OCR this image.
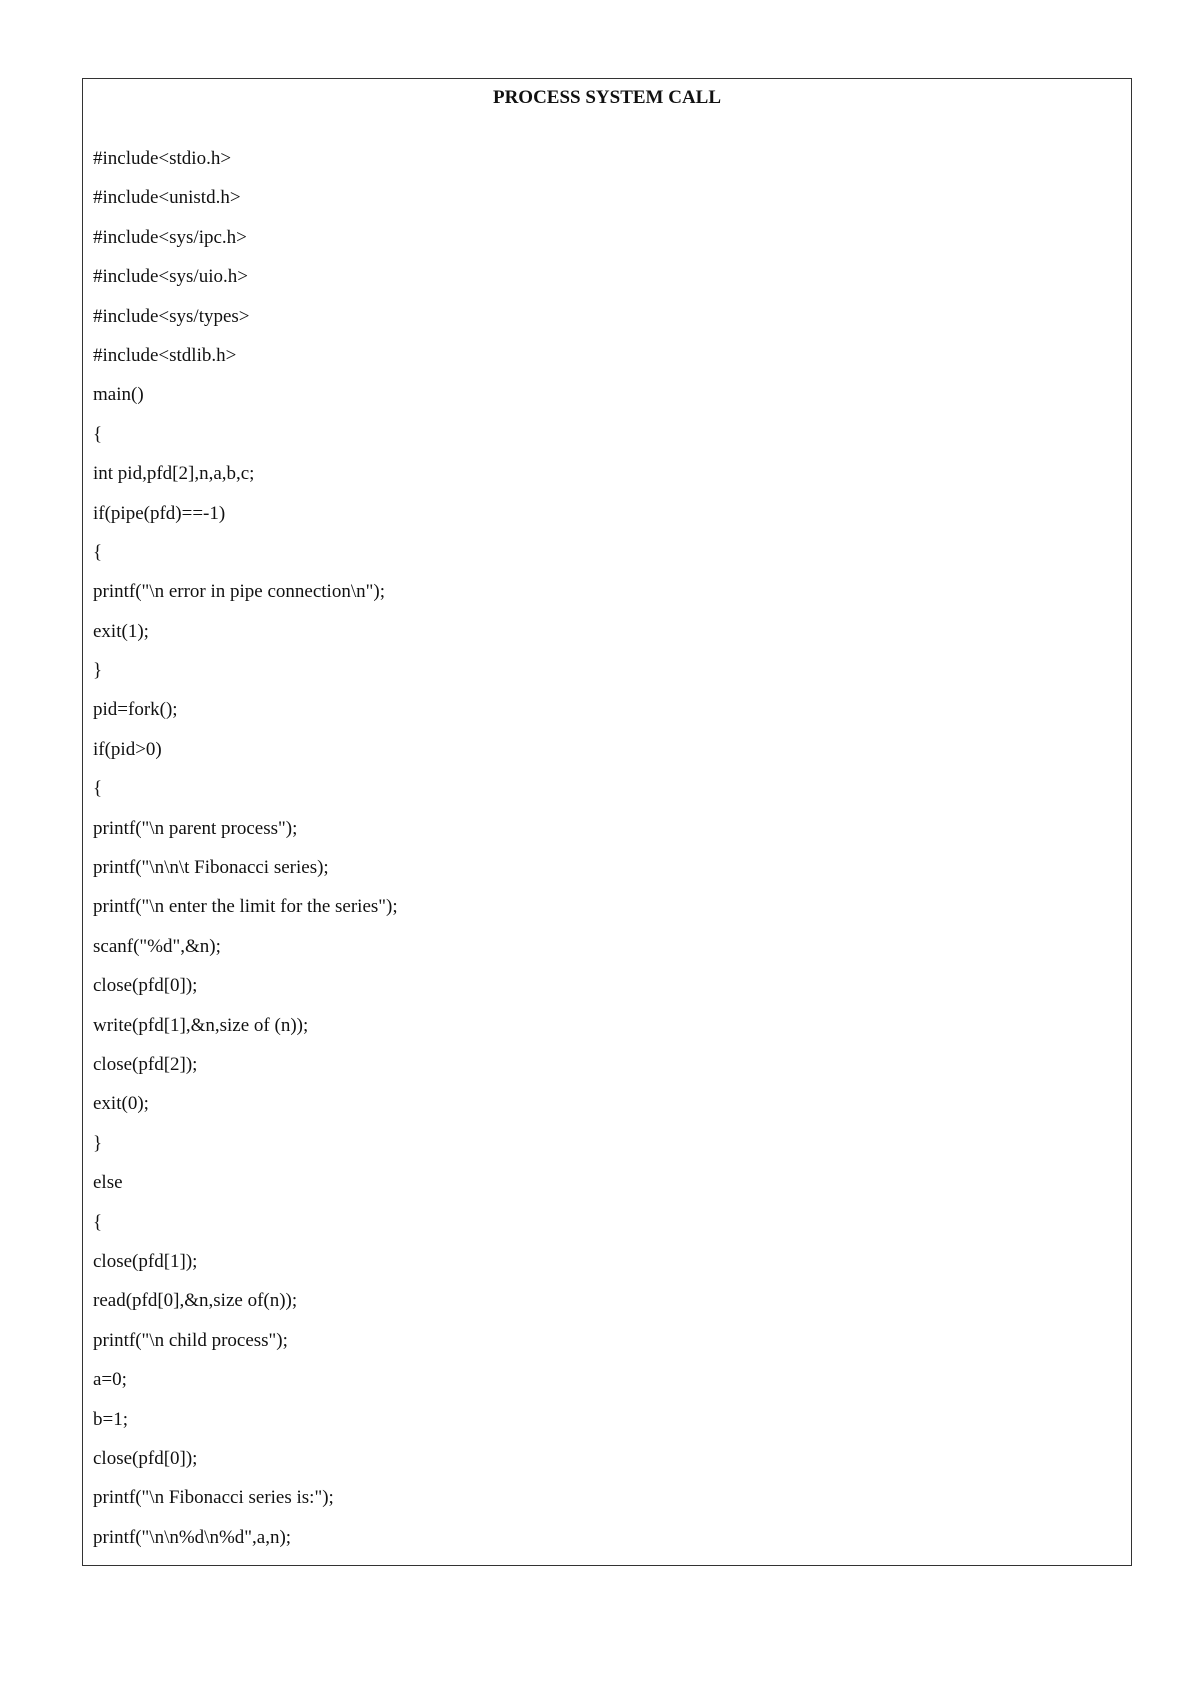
PROCESS SYSTEM CALL
#include<stdio.h>
#include<unistd.h>
#include<sys/ipc.h>
#include<sys/uio.h>
#include<sys/types>
#include<stdlib.h>
main()
{
int pid,pfd[2],n,a,b,c;
if(pipe(pfd)==-1)
{
printf("\n error in pipe connection\n");
exit(1);
}
pid=fork();
if(pid>0)
{
printf("\n parent process");
printf("\n\n\t Fibonacci series);
printf("\n enter the limit for the series");
scanf("%d",&n);
close(pfd[0]);
write(pfd[1],&n,size of (n));
close(pfd[2]);
exit(0);
}
else
{
close(pfd[1]);
read(pfd[0],&n,size of(n));
printf("\n child process");
a=0;
b=1;
close(pfd[0]);
printf("\n Fibonacci series is:");
printf("\n\n%d\n%d",a,n);
